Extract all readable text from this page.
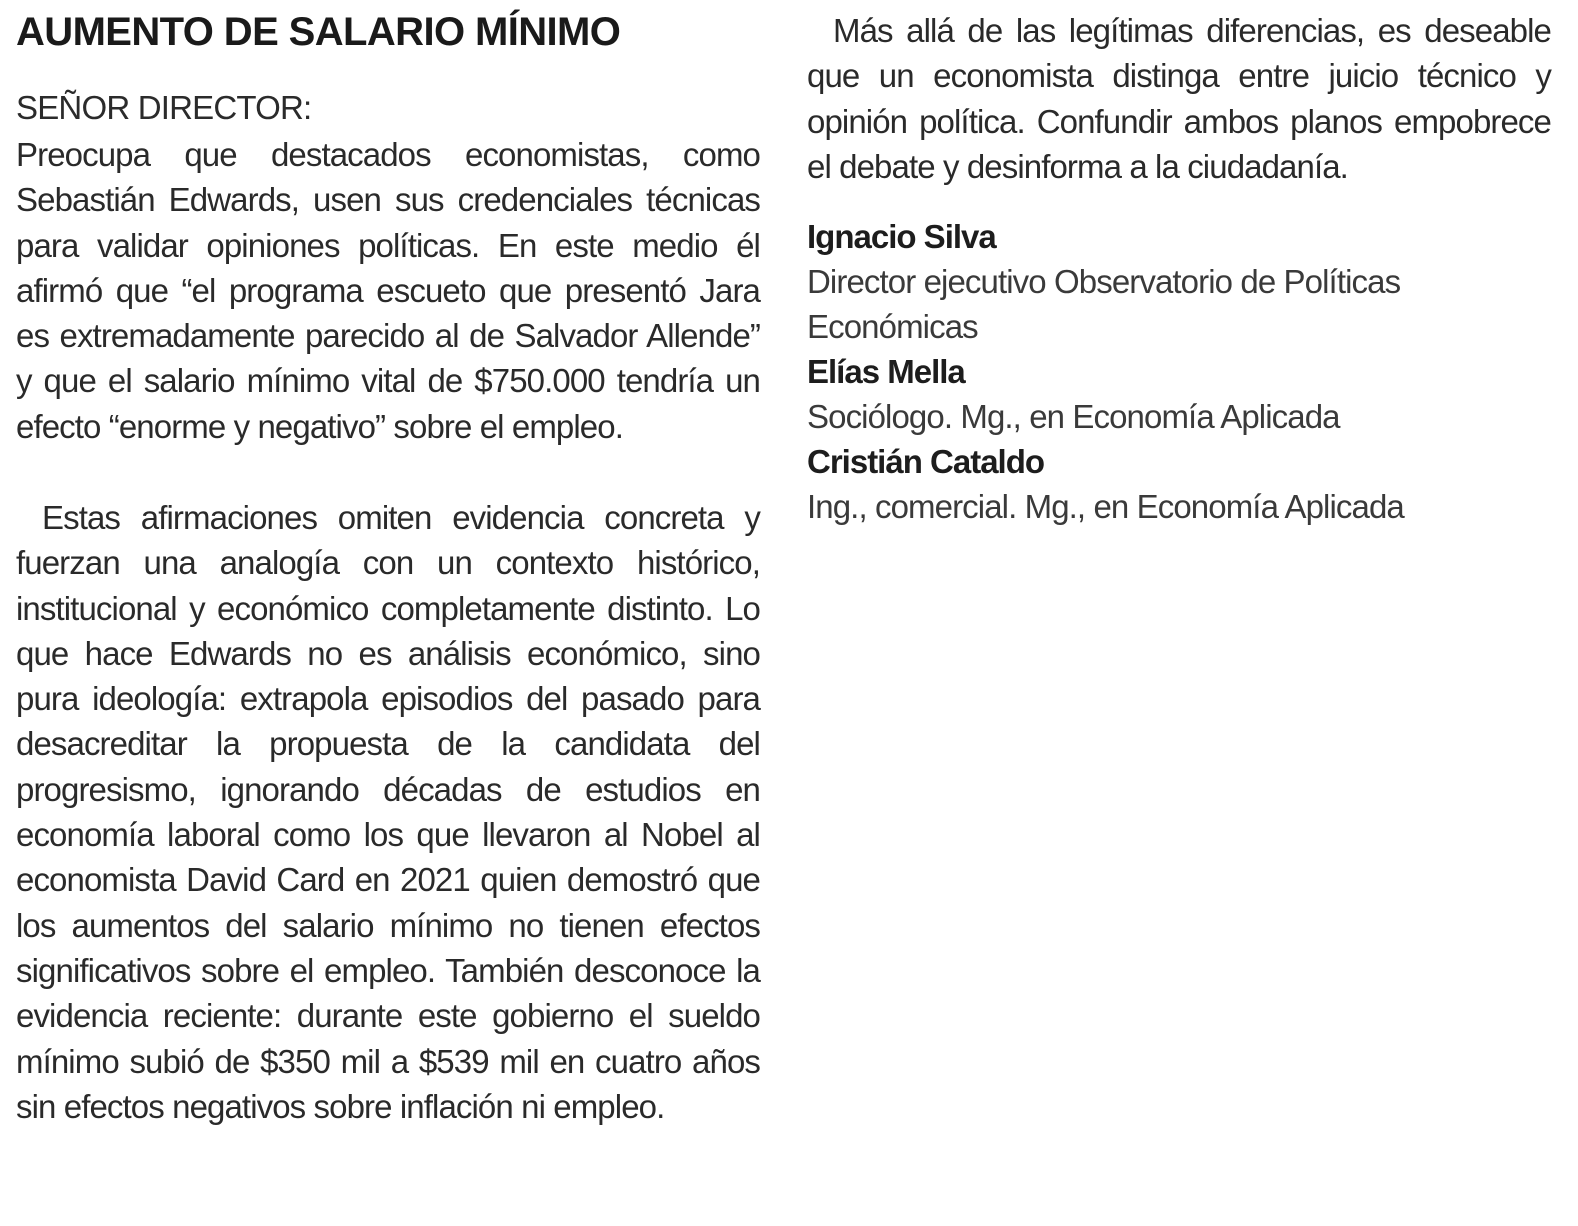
AUMENTO DE SALARIO MÍNIMO

SEÑOR DIRECTOR:

Preocupa que destacados economistas, como Sebastián Edwards, usen sus credenciales técnicas para validar opiniones políticas. En este medio él afirmó que “el programa escueto que presentó Jara es extremadamente parecido al de Salvador Allende” y que el salario mínimo vital de $750.000 tendría un efecto “enorme y negativo” sobre el empleo.

Estas afirmaciones omiten evidencia concreta y fuerzan una analogía con un contexto histórico, institucional y económico completamente distinto. Lo que hace Edwards no es análisis económico, sino pura ideología: extrapola episodios del pasado para desacreditar la propuesta de la candidata del progresismo, ignorando décadas de estudios en economía laboral como los que llevaron al Nobel al economista David Card en 2021 quien demostró que los aumentos del salario mínimo no tienen efectos significativos sobre el empleo. También desconoce la evidencia reciente: durante este gobierno el sueldo mínimo subió de $350 mil a $539 mil en cuatro años sin efectos negativos sobre inflación ni empleo.

Más allá de las legítimas diferencias, es deseable que un economista distinga entre juicio técnico y opinión política. Confundir ambos planos empobrece el debate y desinforma a la ciudadanía.

Ignacio Silva

Director ejecutivo Observatorio de Políticas Económicas

Elías Mella

Sociólogo. Mg., en Economía Aplicada

Cristián Cataldo

Ing., comercial. Mg., en Economía Aplicada
